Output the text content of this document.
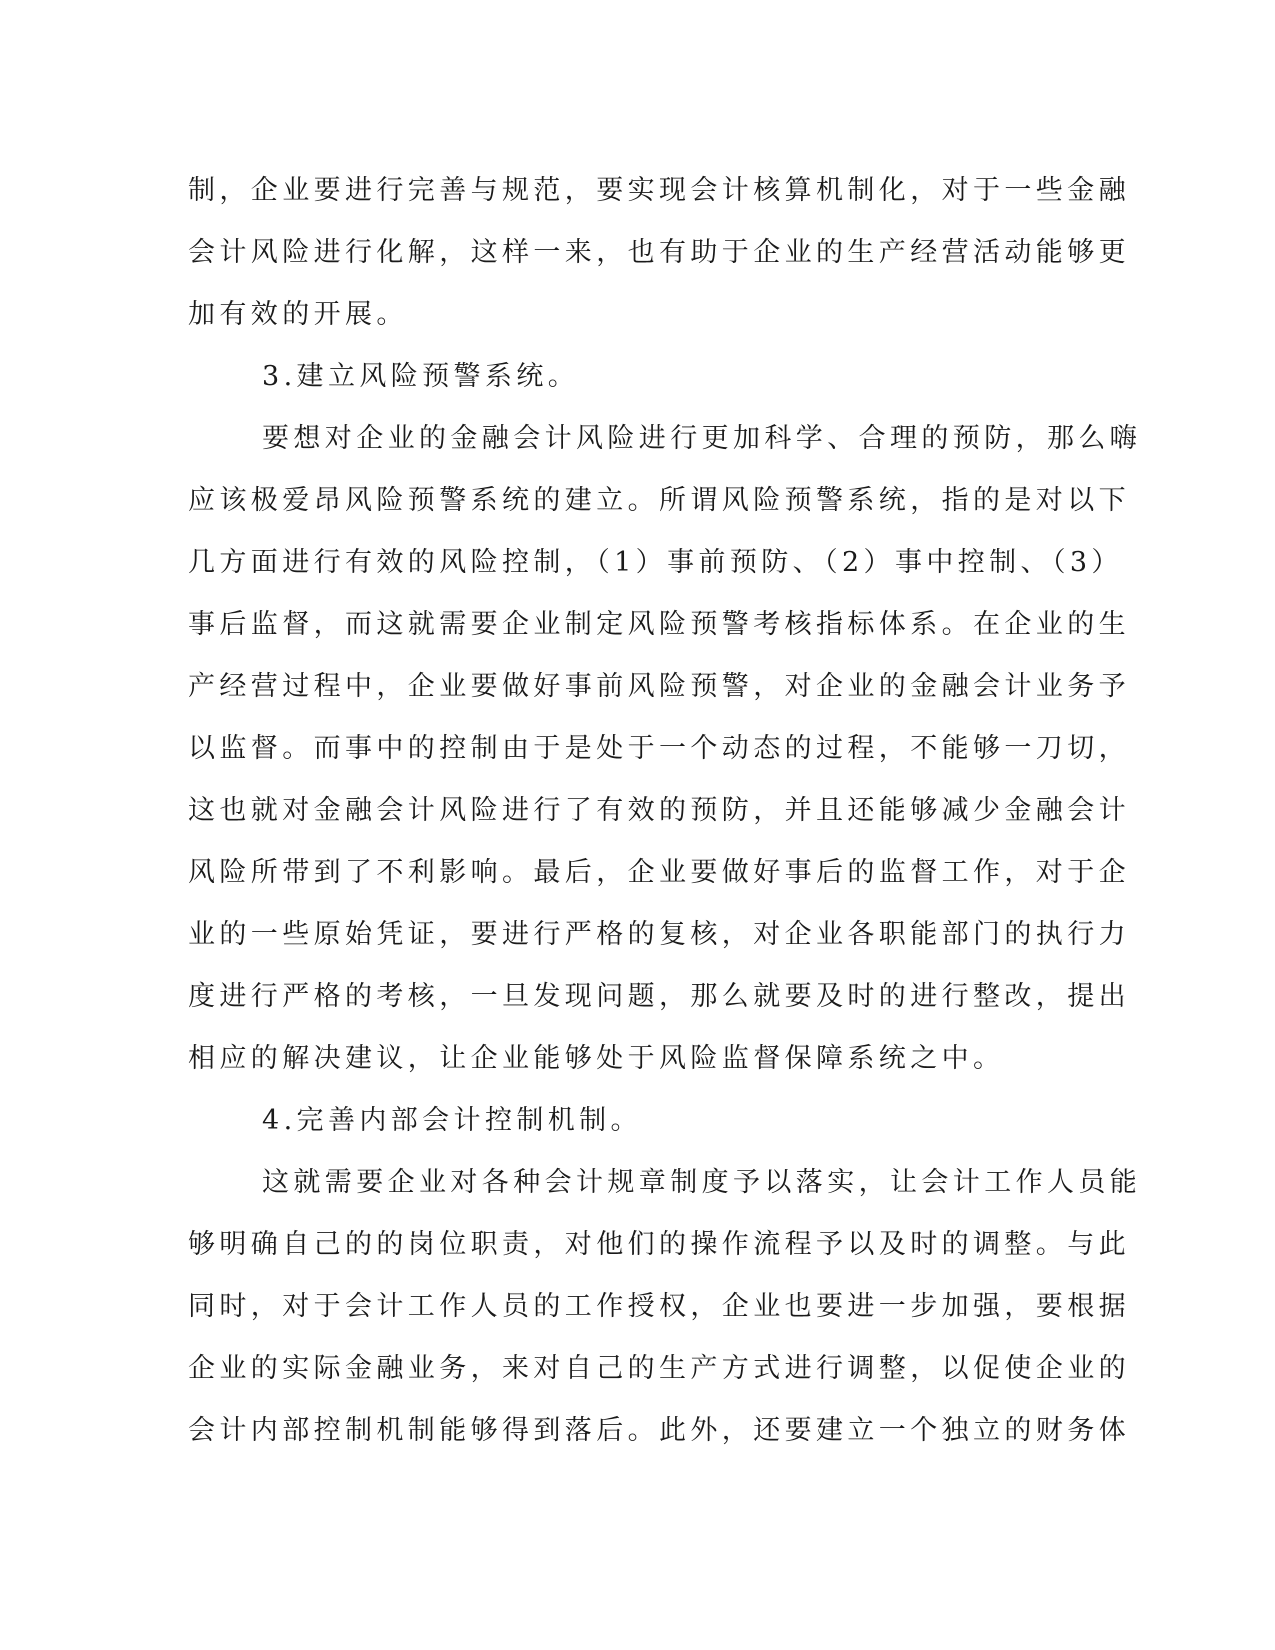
制，企业要进行完善与规范，要实现会计核算机制化，对于一些金融
会计风险进行化解，这样一来，也有助于企业的生产经营活动能够更
加有效的开展。
3.建立风险预警系统。
要想对企业的金融会计风险进行更加科学、合理的预防，那么嗨
应该极爱昂风险预警系统的建立。所谓风险预警系统，指的是对以下
几方面进行有效的风险控制，（1）事前预防、（2）事中控制、（3）
事后监督，而这就需要企业制定风险预警考核指标体系。在企业的生
产经营过程中，企业要做好事前风险预警，对企业的金融会计业务予
以监督。而事中的控制由于是处于一个动态的过程，不能够一刀切，
这也就对金融会计风险进行了有效的预防，并且还能够减少金融会计
风险所带到了不利影响。最后，企业要做好事后的监督工作，对于企
业的一些原始凭证，要进行严格的复核，对企业各职能部门的执行力
度进行严格的考核，一旦发现问题，那么就要及时的进行整改，提出
相应的解决建议，让企业能够处于风险监督保障系统之中。
4.完善内部会计控制机制。
这就需要企业对各种会计规章制度予以落实，让会计工作人员能
够明确自己的的岗位职责，对他们的操作流程予以及时的调整。与此
同时，对于会计工作人员的工作授权，企业也要进一步加强，要根据
企业的实际金融业务，来对自己的生产方式进行调整，以促使企业的
会计内部控制机制能够得到落后。此外，还要建立一个独立的财务体
